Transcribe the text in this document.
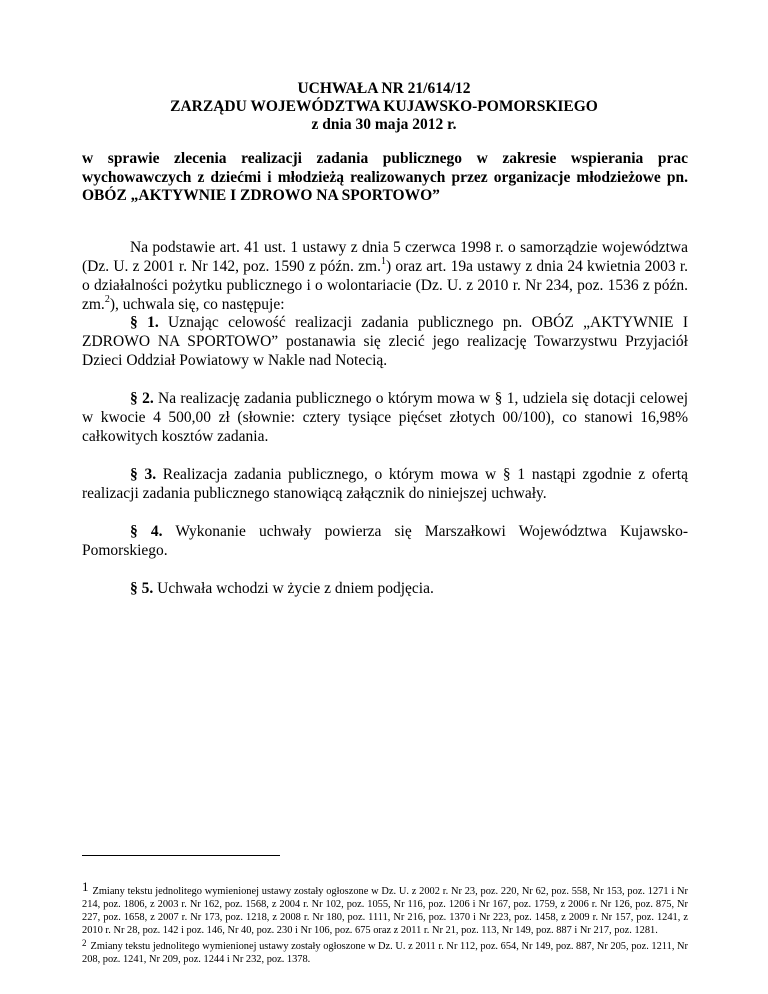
UCHWAŁA NR 21/614/12
ZARZĄDU WOJEWÓDZTWA KUJAWSKO-POMORSKIEGO
z dnia 30 maja 2012 r.
w sprawie zlecenia realizacji zadania publicznego w zakresie wspierania prac wychowawczych z dziećmi i młodzieżą realizowanych przez organizacje młodzieżowe pn. OBÓZ „AKTYWNIE I ZDROWO NA SPORTOWO”
Na podstawie art. 41 ust. 1 ustawy z dnia 5 czerwca 1998 r. o samorządzie województwa (Dz. U. z 2001 r. Nr 142, poz. 1590 z późn. zm.$^1$) oraz art. 19a ustawy z dnia 24 kwietnia 2003 r. o działalności pożytku publicznego i o wolontariacie (Dz. U. z 2010 r. Nr 234, poz. 1536 z późn. zm.$^2$), uchwala się, co następuje:
§ 1. Uznając celowość realizacji zadania publicznego pn. OBÓZ „AKTYWNIE I ZDROWO NA SPORTOWO” postanawia się zlecić jego realizację Towarzystwu Przyjaciół Dzieci Oddział Powiatowy w Nakle nad Notecią.
§ 2. Na realizację zadania publicznego o którym mowa w § 1, udziela się dotacji celowej w kwocie 4 500,00 zł (słownie: cztery tysiące pięćset złotych 00/100), co stanowi 16,98% całkowitych kosztów zadania.
§ 3. Realizacja zadania publicznego, o którym mowa w § 1 nastąpi zgodnie z ofertą realizacji zadania publicznego stanowiącą załącznik do niniejszej uchwały.
§ 4. Wykonanie uchwały powierza się Marszałkowi Województwa Kujawsko-Pomorskiego.
§ 5. Uchwała wchodzi w życie z dniem podjęcia.
1 Zmiany tekstu jednolitego wymienionej ustawy zostały ogłoszone w Dz. U. z 2002 r. Nr 23, poz. 220, Nr 62, poz. 558, Nr 153, poz. 1271 i Nr 214, poz. 1806, z 2003 r. Nr 162, poz. 1568, z 2004 r. Nr 102, poz. 1055, Nr 116, poz. 1206 i Nr 167, poz. 1759, z 2006 r. Nr 126, poz. 875, Nr 227, poz. 1658, z 2007 r. Nr 173, poz. 1218, z 2008 r. Nr 180, poz. 1111, Nr 216, poz. 1370 i Nr 223, poz. 1458, z 2009 r. Nr 157, poz. 1241, z 2010 r. Nr 28, poz. 142 i poz. 146, Nr 40, poz. 230 i Nr 106, poz. 675 oraz z 2011 r. Nr 21, poz. 113, Nr 149, poz. 887 i Nr 217, poz. 1281.
2 Zmiany tekstu jednolitego wymienionej ustawy zostały ogłoszone w Dz. U. z 2011 r. Nr 112, poz. 654, Nr 149, poz. 887, Nr 205, poz. 1211, Nr 208, poz. 1241, Nr 209, poz. 1244 i Nr 232, poz. 1378.
